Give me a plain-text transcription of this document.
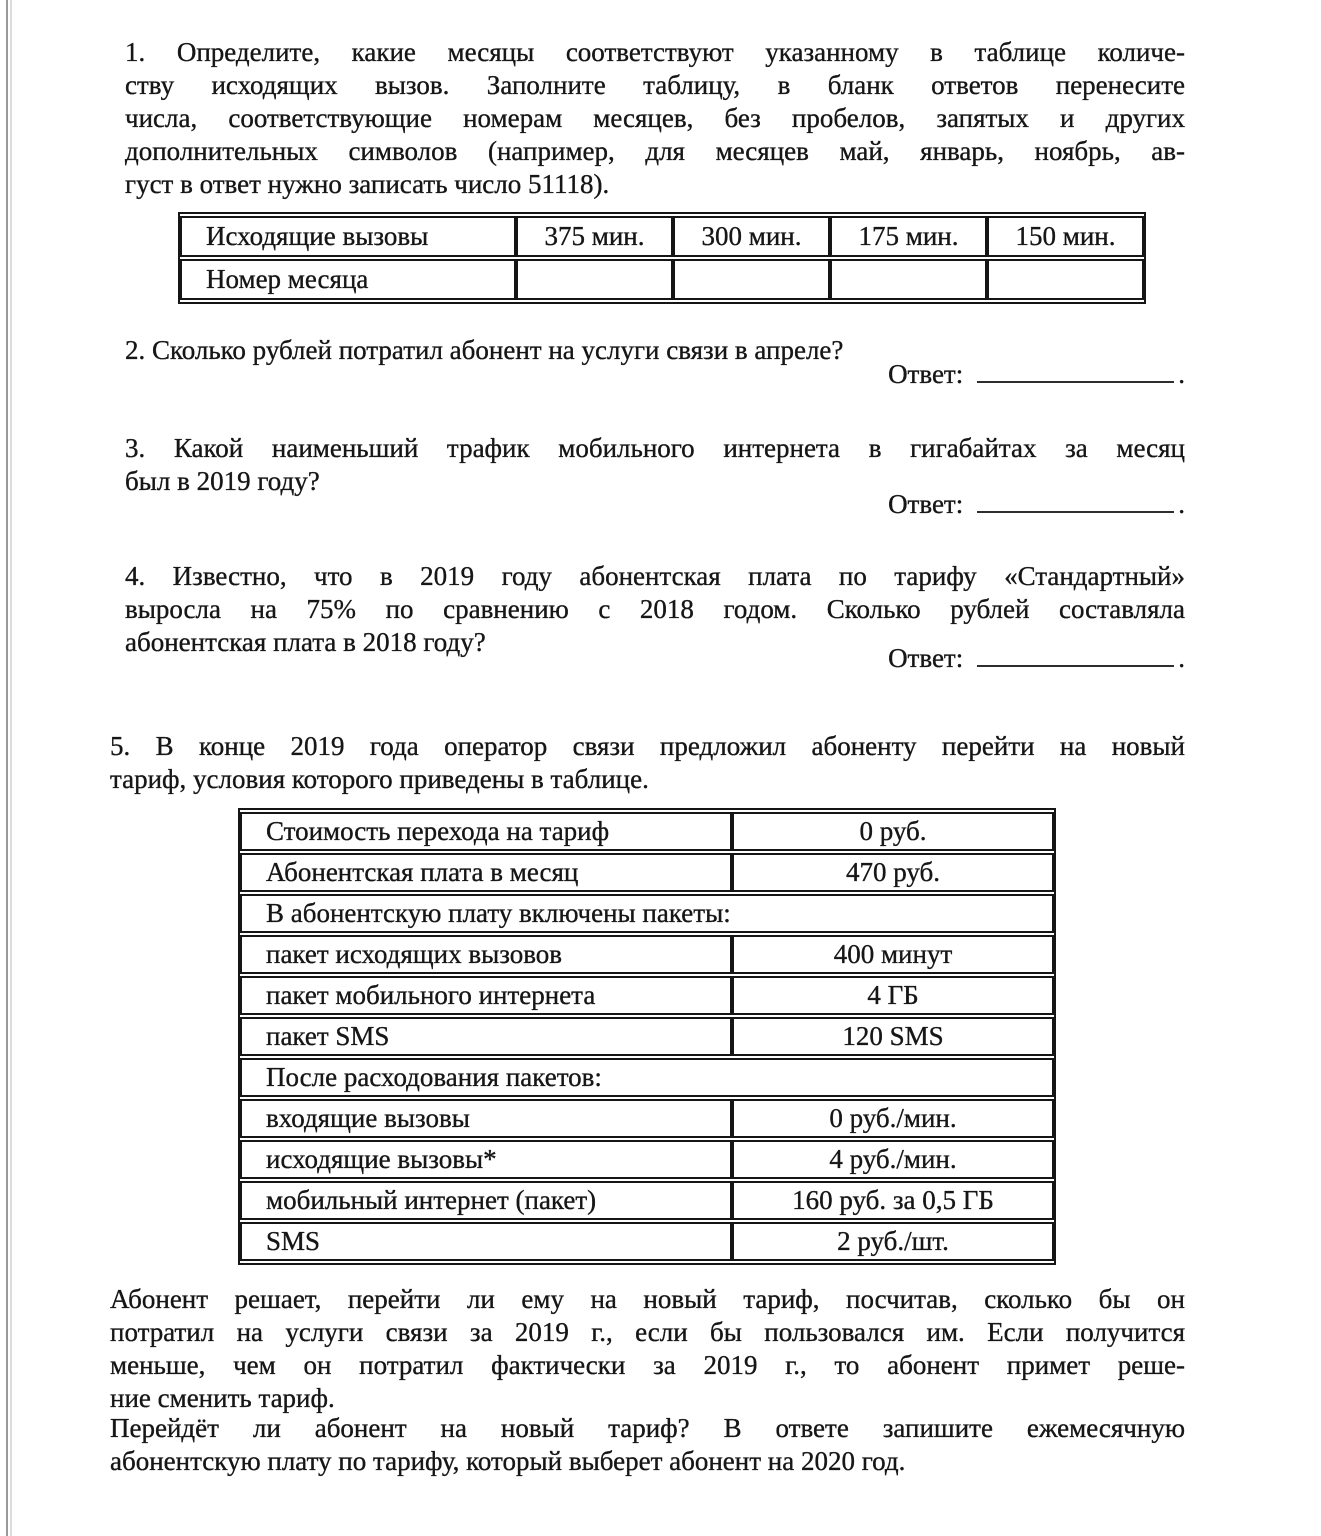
1. Определите, какие месяцы соответствуют указанному в таблице количе-
ству исходящих вызов. Заполните таблицу, в бланк ответов перенесите
числа, соответствующие номерам месяцев, без пробелов, запятых и других
дополнительных символов (например, для месяцев май, январь, ноябрь, ав-
густ в ответ нужно записать число 51118).
Исходящие вызовы	375 мин.	300 мин.	175 мин.	150 мин.
Номер месяца				
2. Сколько рублей потратил абонент на услуги связи в апреле?
Ответ:	.
3. Какой наименьший трафик мобильного интернета в гигабайтах за месяц
был в 2019 году?
Ответ:	.
4. Известно, что в 2019 году абонентская плата по тарифу «Стандартный»
выросла на 75% по сравнению с 2018 годом. Сколько рублей составляла
абонентская плата в 2018 году?
Ответ:	.
5. В конце 2019 года оператор связи предложил абоненту перейти на новый
тариф, условия которого приведены в таблице.
Стоимость перехода на тариф	0 руб.
Абонентская плата в месяц	470 руб.
В абонентскую плату включены пакеты:	
пакет исходящих вызовов	400 минут
пакет мобильного интернета	4 ГБ
пакет SMS	120 SMS
После расходования пакетов:	
входящие вызовы	0 руб./мин.
исходящие вызовы*	4 руб./мин.
мобильный интернет (пакет)	160 руб. за 0,5 ГБ
SMS	2 руб./шт.
Абонент решает, перейти ли ему на новый тариф, посчитав, сколько бы он
потратил на услуги связи за 2019 г., если бы пользовался им. Если получится
меньше, чем он потратил фактически за 2019 г., то абонент примет реше-
ние сменить тариф.
Перейдёт ли абонент на новый тариф? В ответе запишите ежемесячную
абонентскую плату по тарифу, который выберет абонент на 2020 год.
